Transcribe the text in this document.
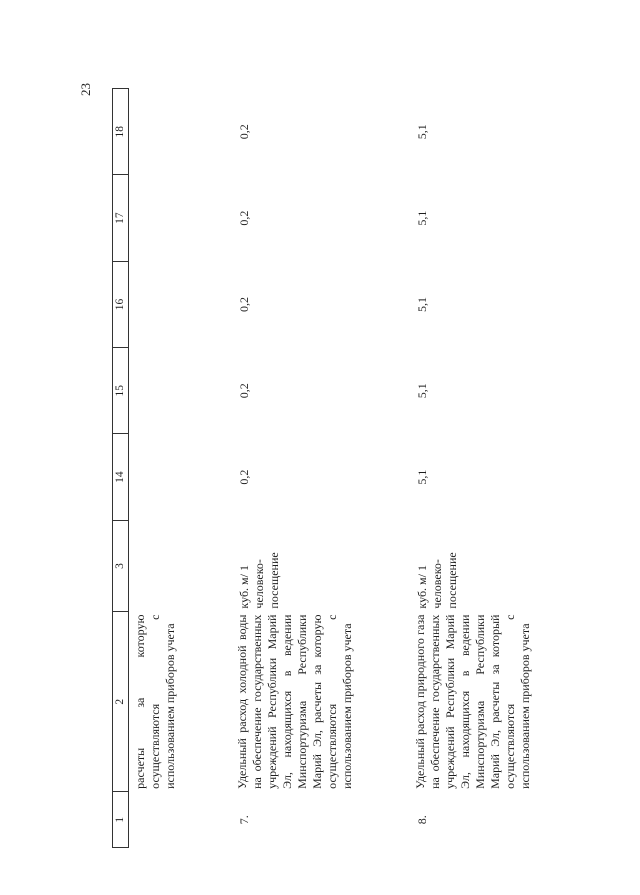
23
1	2	3	14	15	16	17	18
	расчеты за которую осуществляются с использованием приборов учета						
7.	Удельный расход холодной воды на обеспечение государственных учреждений Республики Марий Эл, находящихся в ведении Минспортуризма Республики Марий Эл, расчеты за которую осуществляются с использованием приборов учета	куб. м/ 1 человеко-посещение	0,2	0,2	0,2	0,2	0,2
8.	Удельный расход природного газа на обеспечение государственных учреждений Республики Марий Эл, находящихся в ведении Минспортуризма Республики Марий Эл, расчеты за который осуществляются с использованием приборов учета	куб. м/ 1 человеко-посещение	5,1	5,1	5,1	5,1	5,1
